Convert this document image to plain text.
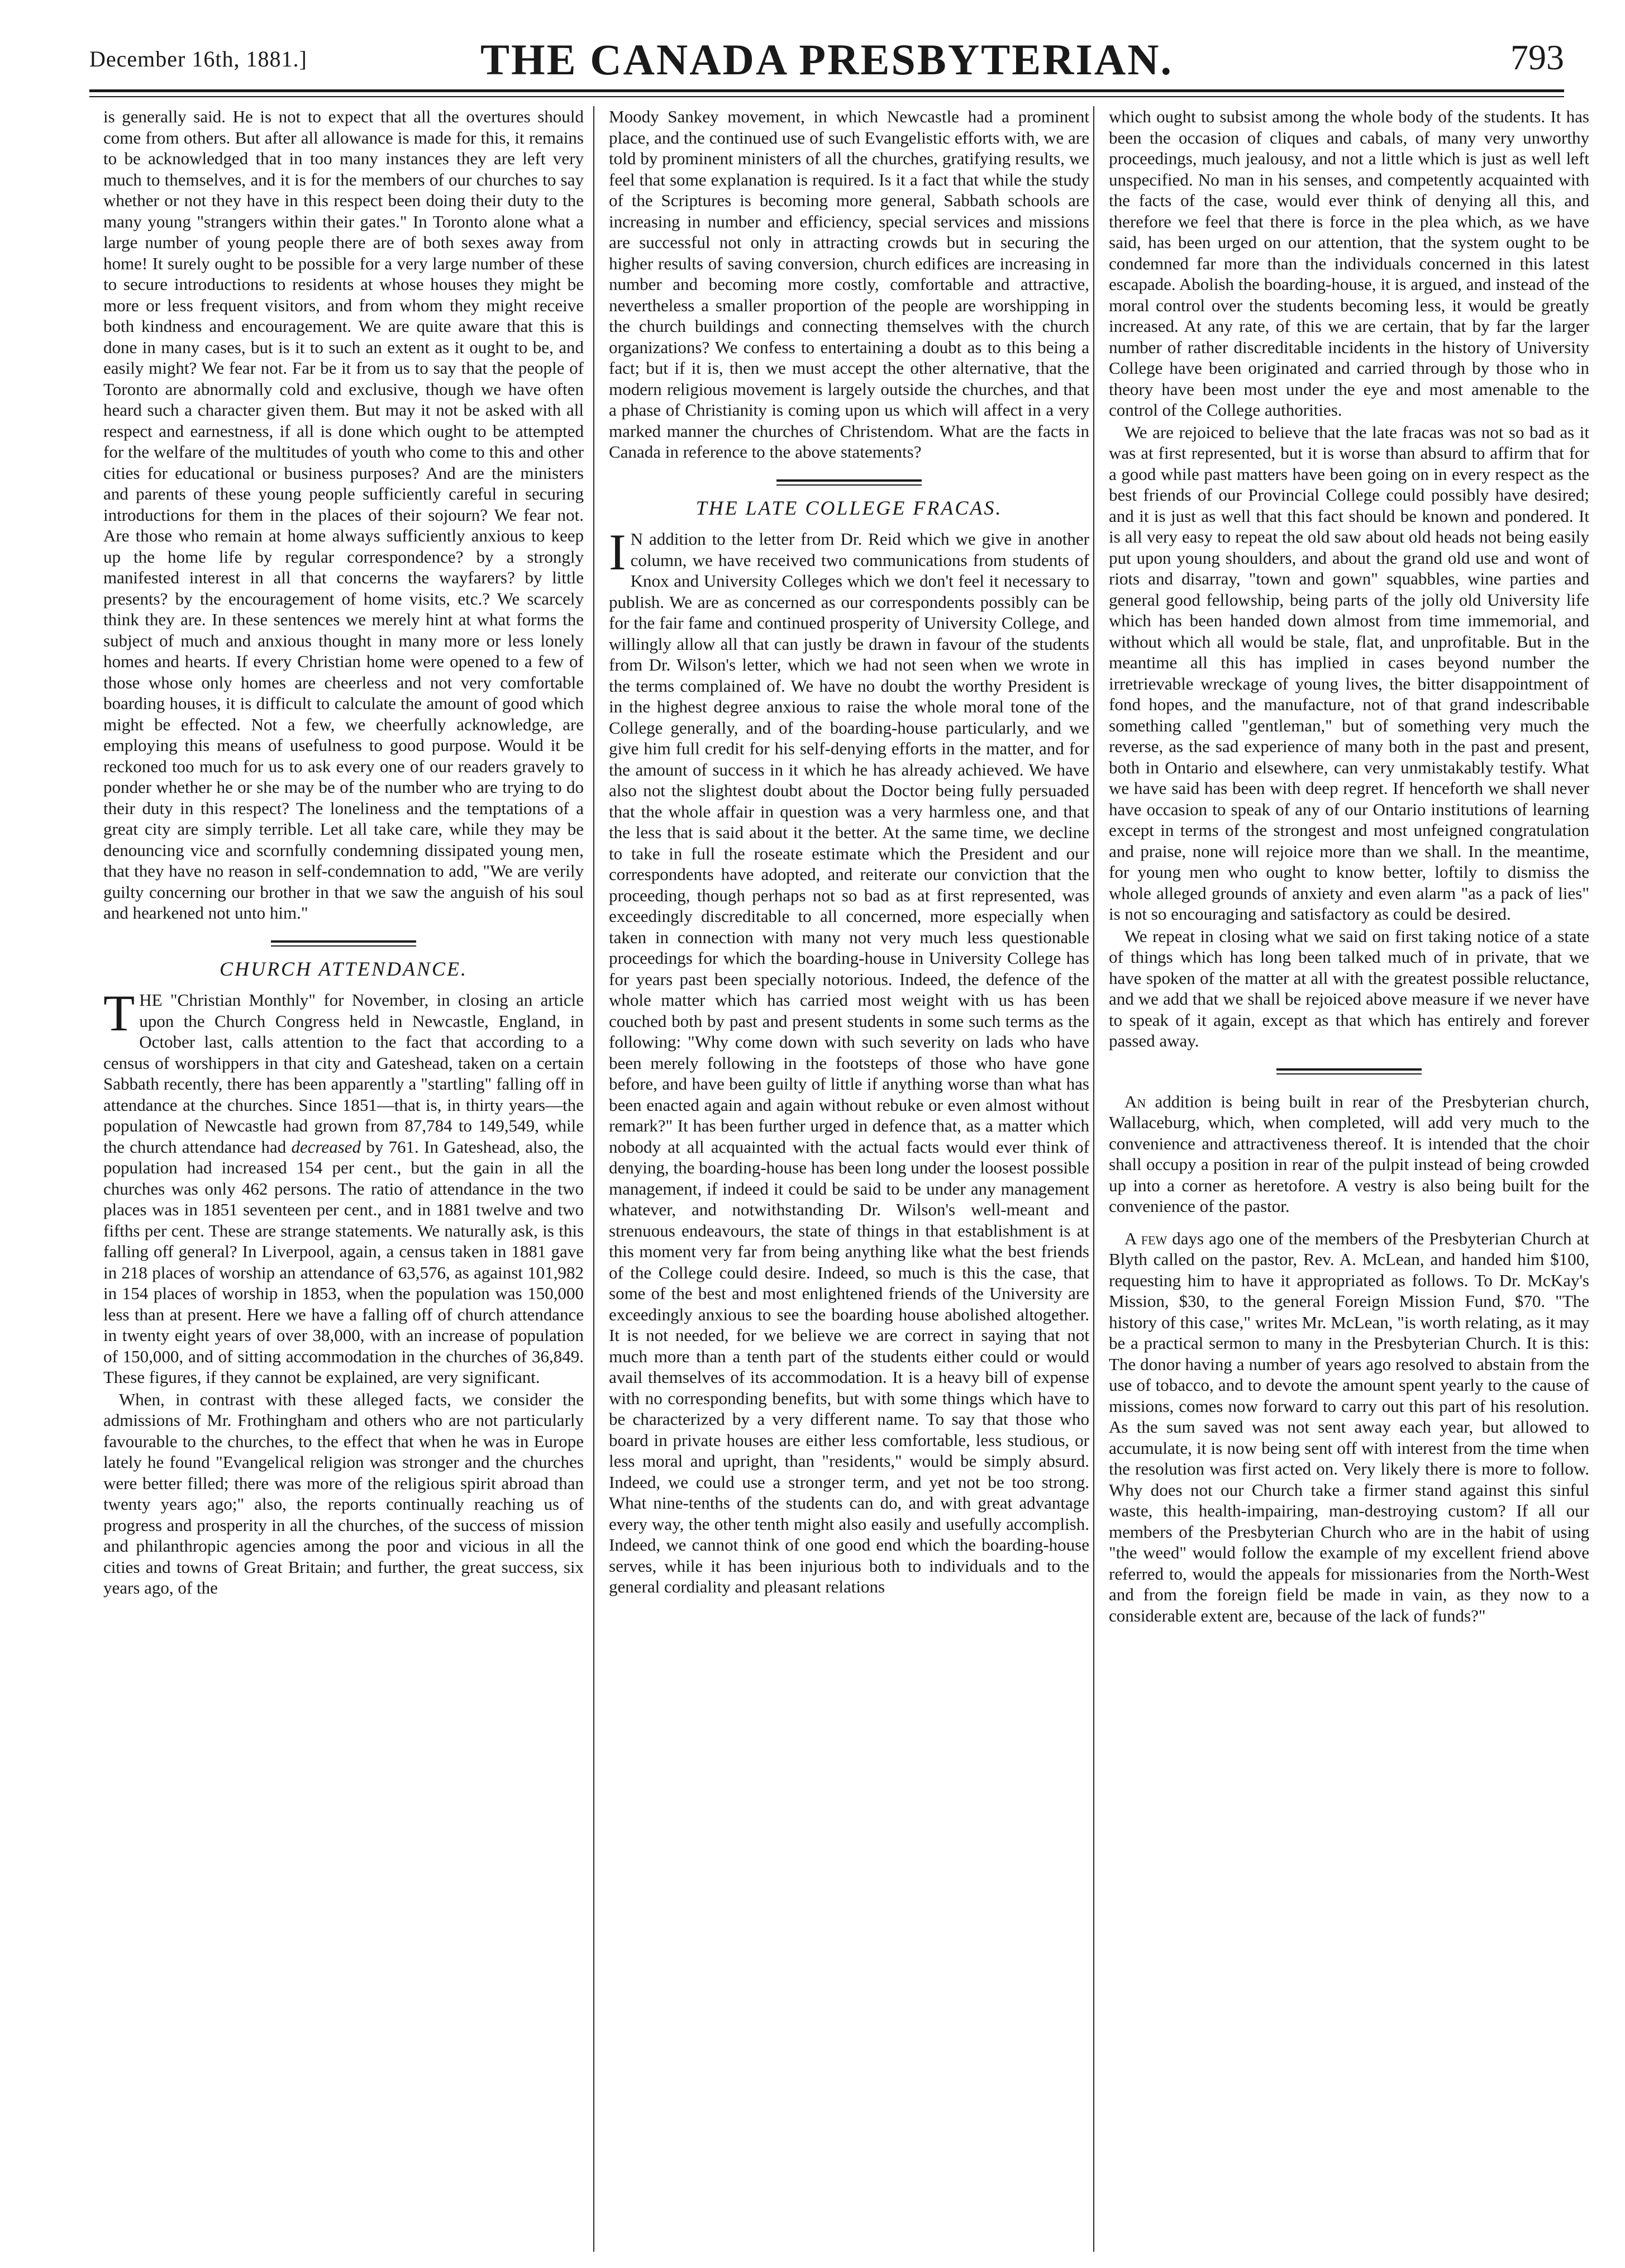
December 16th, 1881.]	THE CANADA PRESBYTERIAN.	793

is generally said. He is not to expect that all the overtures should come from others. But after all allowance is made for this, it remains to be acknowledged that in too many instances they are left very much to themselves, and it is for the members of our churches to say whether or not they have in this respect been doing their duty to the many young "strangers within their gates." In Toronto alone what a large number of young people there are of both sexes away from home! It surely ought to be possible for a very large number of these to secure introductions to residents at whose houses they might be more or less frequent visitors, and from whom they might receive both kindness and encouragement. We are quite aware that this is done in many cases, but is it to such an extent as it ought to be, and easily might? We fear not. Far be it from us to say that the people of Toronto are abnormally cold and exclusive, though we have often heard such a character given them. But may it not be asked with all respect and earnestness, if all is done which ought to be attempted for the welfare of the multitudes of youth who come to this and other cities for educational or business purposes? And are the ministers and parents of these young people sufficiently careful in securing introductions for them in the places of their sojourn? We fear not. Are those who remain at home always sufficiently anxious to keep up the home life by regular correspondence? by a strongly manifested interest in all that concerns the wayfarers? by little presents? by the encouragement of home visits, etc.? We scarcely think they are. In these sentences we merely hint at what forms the subject of much and anxious thought in many more or less lonely homes and hearts. If every Christian home were opened to a few of those whose only homes are cheerless and not very comfortable boarding houses, it is difficult to calculate the amount of good which might be effected. Not a few, we cheerfully acknowledge, are employing this means of usefulness to good purpose. Would it be reckoned too much for us to ask every one of our readers gravely to ponder whether he or she may be of the number who are trying to do their duty in this respect? The loneliness and the temptations of a great city are simply terrible. Let all take care, while they may be denouncing vice and scornfully condemning dissipated young men, that they have no reason in self-condemnation to add, "We are verily guilty concerning our brother in that we saw the anguish of his soul and hearkened not unto him."

CHURCH ATTENDANCE.

THE "Christian Monthly" for November, in closing an article upon the Church Congress held in Newcastle, England, in October last, calls attention to the fact that according to a census of worshippers in that city and Gateshead, taken on a certain Sabbath recently, there has been apparently a "startling" falling off in attendance at the churches. Since 1851—that is, in thirty years—the population of Newcastle had grown from 87,784 to 149,549, while the church attendance had decreased by 761. In Gateshead, also, the population had increased 154 per cent., but the gain in all the churches was only 462 persons. The ratio of attendance in the two places was in 1851 seventeen per cent., and in 1881 twelve and two fifths per cent. These are strange statements. We naturally ask, is this falling off general? In Liverpool, again, a census taken in 1881 gave in 218 places of worship an attendance of 63,576, as against 101,982 in 154 places of worship in 1853, when the population was 150,000 less than at present. Here we have a falling off of church attendance in twenty eight years of over 38,000, with an increase of population of 150,000, and of sitting accommodation in the churches of 36,849. These figures, if they cannot be explained, are very significant.

When, in contrast with these alleged facts, we consider the admissions of Mr. Frothingham and others who are not particularly favourable to the churches, to the effect that when he was in Europe lately he found "Evangelical religion was stronger and the churches were better filled; there was more of the religious spirit abroad than twenty years ago;" also, the reports continually reaching us of progress and prosperity in all the churches, of the success of mission and philanthropic agencies among the poor and vicious in all the cities and towns of Great Britain; and further, the great success, six years ago, of the

Moody Sankey movement, in which Newcastle had a prominent place, and the continued use of such Evangelistic efforts with, we are told by prominent ministers of all the churches, gratifying results, we feel that some explanation is required. Is it a fact that while the study of the Scriptures is becoming more general, Sabbath schools are increasing in number and efficiency, special services and missions are successful not only in attracting crowds but in securing the higher results of saving conversion, church edifices are increasing in number and becoming more costly, comfortable and attractive, nevertheless a smaller proportion of the people are worshipping in the church buildings and connecting themselves with the church organizations? We confess to entertaining a doubt as to this being a fact; but if it is, then we must accept the other alternative, that the modern religious movement is largely outside the churches, and that a phase of Christianity is coming upon us which will affect in a very marked manner the churches of Christendom. What are the facts in Canada in reference to the above statements?

THE LATE COLLEGE FRACAS.

I N addition to the letter from Dr. Reid which we give in another column, we have received two communications from students of Knox and University Colleges which we don't feel it necessary to publish. We are as concerned as our correspondents possibly can be for the fair fame and continued prosperity of University College, and willingly allow all that can justly be drawn in favour of the students from Dr. Wilson's letter, which we had not seen when we wrote in the terms complained of. We have no doubt the worthy President is in the highest degree anxious to raise the whole moral tone of the College generally, and of the boarding-house particularly, and we give him full credit for his self-denying efforts in the matter, and for the amount of success in it which he has already achieved. We have also not the slightest doubt about the Doctor being fully persuaded that the whole affair in question was a very harmless one, and that the less that is said about it the better. At the same time, we decline to take in full the roseate estimate which the President and our correspondents have adopted, and reiterate our conviction that the proceeding, though perhaps not so bad as at first represented, was exceedingly discreditable to all concerned, more especially when taken in connection with many not very much less questionable proceedings for which the boarding-house in University College has for years past been specially notorious. Indeed, the defence of the whole matter which has carried most weight with us has been couched both by past and present students in some such terms as the following: "Why come down with such severity on lads who have been merely following in the footsteps of those who have gone before, and have been guilty of little if anything worse than what has been enacted again and again without rebuke or even almost without remark?" It has been further urged in defence that, as a matter which nobody at all acquainted with the actual facts would ever think of denying, the boarding-house has been long under the loosest possible management, if indeed it could be said to be under any management whatever, and notwithstanding Dr. Wilson's well-meant and strenuous endeavours, the state of things in that establishment is at this moment very far from being anything like what the best friends of the College could desire. Indeed, so much is this the case, that some of the best and most enlightened friends of the University are exceedingly anxious to see the boarding house abolished altogether. It is not needed, for we believe we are correct in saying that not much more than a tenth part of the students either could or would avail themselves of its accommodation. It is a heavy bill of expense with no corresponding benefits, but with some things which have to be characterized by a very different name. To say that those who board in private houses are either less comfortable, less studious, or less moral and upright, than "residents," would be simply absurd. Indeed, we could use a stronger term, and yet not be too strong. What nine-tenths of the students can do, and with great advantage every way, the other tenth might also easily and usefully accomplish. Indeed, we cannot think of one good end which the boarding-house serves, while it has been injurious both to individuals and to the general cordiality and pleasant relations

which ought to subsist among the whole body of the students. It has been the occasion of cliques and cabals, of many very unworthy proceedings, much jealousy, and not a little which is just as well left unspecified. No man in his senses, and competently acquainted with the facts of the case, would ever think of denying all this, and therefore we feel that there is force in the plea which, as we have said, has been urged on our attention, that the system ought to be condemned far more than the individuals concerned in this latest escapade. Abolish the boarding-house, it is argued, and instead of the moral control over the students becoming less, it would be greatly increased. At any rate, of this we are certain, that by far the larger number of rather discreditable incidents in the history of University College have been originated and carried through by those who in theory have been most under the eye and most amenable to the control of the College authorities.

We are rejoiced to believe that the late fracas was not so bad as it was at first represented, but it is worse than absurd to affirm that for a good while past matters have been going on in every respect as the best friends of our Provincial College could possibly have desired; and it is just as well that this fact should be known and pondered. It is all very easy to repeat the old saw about old heads not being easily put upon young shoulders, and about the grand old use and wont of riots and disarray, "town and gown" squabbles, wine parties and general good fellowship, being parts of the jolly old University life which has been handed down almost from time immemorial, and without which all would be stale, flat, and unprofitable. But in the meantime all this has implied in cases beyond number the irretrievable wreckage of young lives, the bitter disappointment of fond hopes, and the manufacture, not of that grand indescribable something called "gentleman," but of something very much the reverse, as the sad experience of many both in the past and present, both in Ontario and elsewhere, can very unmistakably testify. What we have said has been with deep regret. If henceforth we shall never have occasion to speak of any of our Ontario institutions of learning except in terms of the strongest and most unfeigned congratulation and praise, none will rejoice more than we shall. In the meantime, for young men who ought to know better, loftily to dismiss the whole alleged grounds of anxiety and even alarm "as a pack of lies" is not so encouraging and satisfactory as could be desired.

We repeat in closing what we said on first taking notice of a state of things which has long been talked much of in private, that we have spoken of the matter at all with the greatest possible reluctance, and we add that we shall be rejoiced above measure if we never have to speak of it again, except as that which has entirely and forever passed away.

An addition is being built in rear of the Presbyterian church, Wallaceburg, which, when completed, will add very much to the convenience and attractiveness thereof. It is intended that the choir shall occupy a position in rear of the pulpit instead of being crowded up into a corner as heretofore. A vestry is also being built for the convenience of the pastor.

A few days ago one of the members of the Presbyterian Church at Blyth called on the pastor, Rev. A. McLean, and handed him $100, requesting him to have it appropriated as follows. To Dr. McKay's Mission, $30, to the general Foreign Mission Fund, $70. "The history of this case," writes Mr. McLean, "is worth relating, as it may be a practical sermon to many in the Presbyterian Church. It is this: The donor having a number of years ago resolved to abstain from the use of tobacco, and to devote the amount spent yearly to the cause of missions, comes now forward to carry out this part of his resolution. As the sum saved was not sent away each year, but allowed to accumulate, it is now being sent off with interest from the time when the resolution was first acted on. Very likely there is more to follow. Why does not our Church take a firmer stand against this sinful waste, this health-impairing, man-destroying custom? If all our members of the Presbyterian Church who are in the habit of using "the weed" would follow the example of my excellent friend above referred to, would the appeals for missionaries from the North-West and from the foreign field be made in vain, as they now to a considerable extent are, because of the lack of funds?"
